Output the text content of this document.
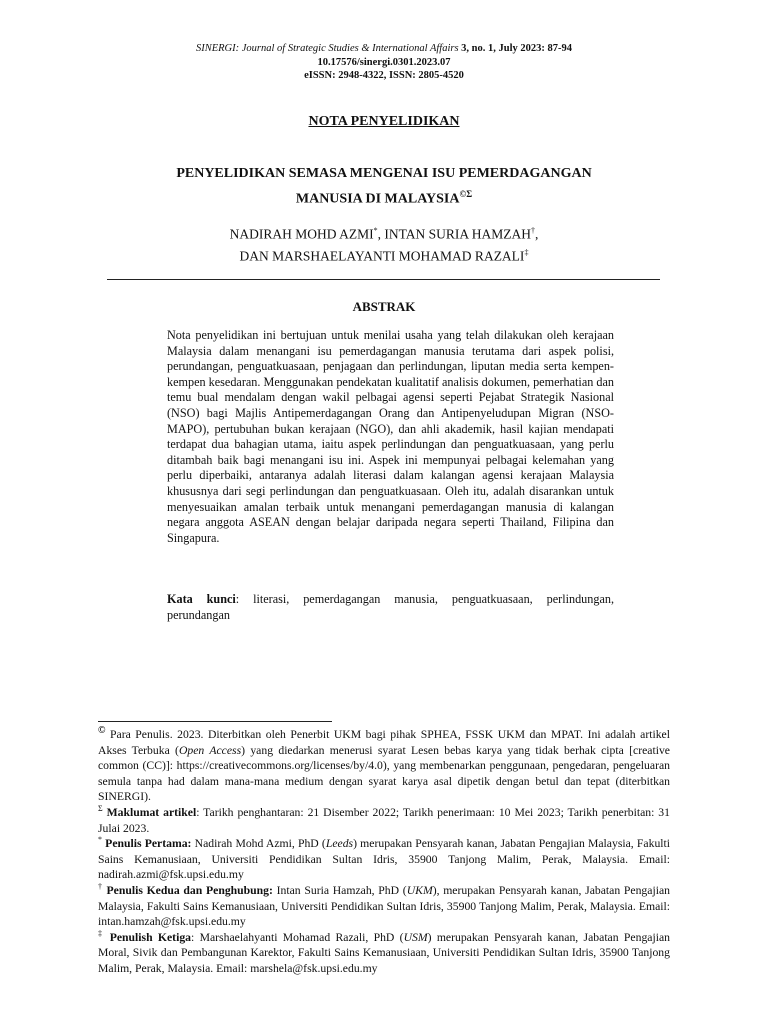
SINERGI: Journal of Strategic Studies & International Affairs 3, no. 1, July 2023: 87-94
10.17576/sinergi.0301.2023.07
eISSN: 2948-4322, ISSN: 2805-4520
NOTA PENYELIDIKAN
PENYELIDIKAN SEMASA MENGENAI ISU PEMERDAGANGAN
MANUSIA DI $MALAYSIA^{©\Sigma}$
NADIRAH MOHD AZMI*, INTAN SURIA HAMZAH†,
DAN MARSHAELAYANTI MOHAMAD RAZALI‡
ABSTRAK
Nota penyelidikan ini bertujuan untuk menilai usaha yang telah dilakukan oleh kerajaan Malaysia dalam menangani isu pemerdagangan manusia terutama dari aspek polisi, perundangan, penguatkuasaan, penjagaan dan perlindungan, liputan media serta kempen-kempen kesedaran. Menggunakan pendekatan kualitatif analisis dokumen, pemerhatian dan temu bual mendalam dengan wakil pelbagai agensi seperti Pejabat Strategik Nasional (NSO) bagi Majlis Antipemerdagangan Orang dan Antipenyeludupan Migran (NSO-MAPO), pertubuhan bukan kerajaan (NGO), dan ahli akademik, hasil kajian mendapati terdapat dua bahagian utama, iaitu aspek perlindungan dan penguatkuasaan, yang perlu ditambah baik bagi menangani isu ini. Aspek ini mempunyai pelbagai kelemahan yang perlu diperbaiki, antaranya adalah literasi dalam kalangan agensi kerajaan Malaysia khususnya dari segi perlindungan dan penguatkuasaan. Oleh itu, adalah disarankan untuk menyesuaikan amalan terbaik untuk menangani pemerdagangan manusia di kalangan negara anggota ASEAN dengan belajar daripada negara seperti Thailand, Filipina dan Singapura.
Kata kunci: literasi, pemerdagangan manusia, penguatkuasaan, perlindungan, perundangan

© Para Penulis. 2023. Diterbitkan oleh Penerbit UKM bagi pihak SPHEA, FSSK UKM dan MPAT. Ini adalah artikel Akses Terbuka (Open Access) yang diedarkan menerusi syarat Lesen bebas karya yang tidak berhak cipta [creative common (CC)]: https://creativecommons.org/licenses/by/4.0), yang membenarkan penggunaan, pengedaran, pengeluaran semula tanpa had dalam mana-mana medium dengan syarat karya asal dipetik dengan betul dan tepat (diterbitkan SINERGI).

$^\Sigma$ Maklumat artikel: Tarikh penghantaran: 21 Disember 2022; Tarikh penerimaan: 10 Mei 2023; Tarikh penerbitan: 31 Julai 2023.

* Penulis Pertama: Nadirah Mohd Azmi, PhD (Leeds) merupakan Pensyarah kanan, Jabatan Pengajian Malaysia, Fakulti Sains Kemanusiaan, Universiti Pendidikan Sultan Idris, 35900 Tanjong Malim, Perak, Malaysia. Email: nadirah.azmi@fsk.upsi.edu.my

† Penulis Kedua dan Penghubung: Intan Suria Hamzah, PhD (UKM), merupakan Pensyarah kanan, Jabatan Pengajian Malaysia, Fakulti Sains Kemanusiaan, Universiti Pendidikan Sultan Idris, 35900 Tanjong Malim, Perak, Malaysia. Email: intan.hamzah@fsk.upsi.edu.my

‡ Penulish Ketiga: Marshaelahyanti Mohamad Razali, PhD (USM) merupakan Pensyarah kanan, Jabatan Pengajian Moral, Sivik dan Pembangunan Karektor, Fakulti Sains Kemanusiaan, Universiti Pendidikan Sultan Idris, 35900 Tanjong Malim, Perak, Malaysia. Email: marshela@fsk.upsi.edu.my
